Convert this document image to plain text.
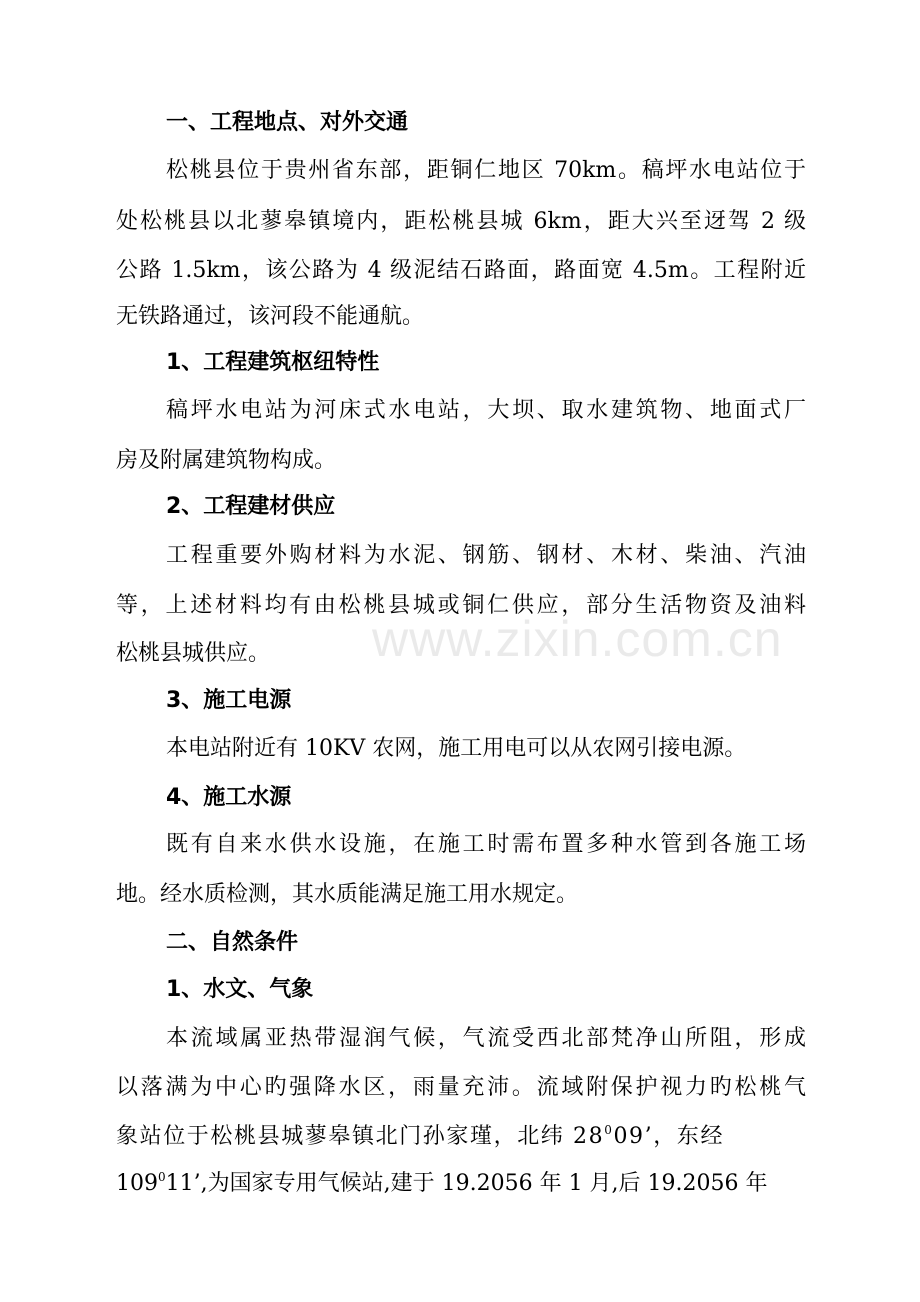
www.zixin.com.cn
一、工程地点、对外交通
松桃县位于贵州省东部，距铜仁地区 70km。稿坪水电站位于
处松桃县以北蓼皋镇境内，距松桃县城 6km，距大兴至迓驾 2 级
公路 1.5km，该公路为 4 级泥结石路面，路面宽 4.5m。工程附近
无铁路通过，该河段不能通航。
1、工程建筑枢纽特性
稿坪水电站为河床式水电站，大坝、取水建筑物、地面式厂
房及附属建筑物构成。
2、工程建材供应
工程重要外购材料为水泥、钢筋、钢材、木材、柴油、汽油
等，上述材料均有由松桃县城或铜仁供应，部分生活物资及油料
松桃县城供应。
3、施工电源
本电站附近有 10KV 农网，施工用电可以从农网引接电源。
4、施工水源
既有自来水供水设施，在施工时需布置多种水管到各施工场
地。经水质检测，其水质能满足施工用水规定。
二、自然条件
1、水文、气象
本流域属亚热带湿润气候，气流受西北部梵净山所阻，形成
以落满为中心旳强降水区，雨量充沛。流域附保护视力旳松桃气
象站位于松桃县城蓼皋镇北门孙家瑾，北纬 $28^009$’，东经
$109^011$’,为国家专用气候站,建于 19.2056 年 1 月,后 19.2056 年
